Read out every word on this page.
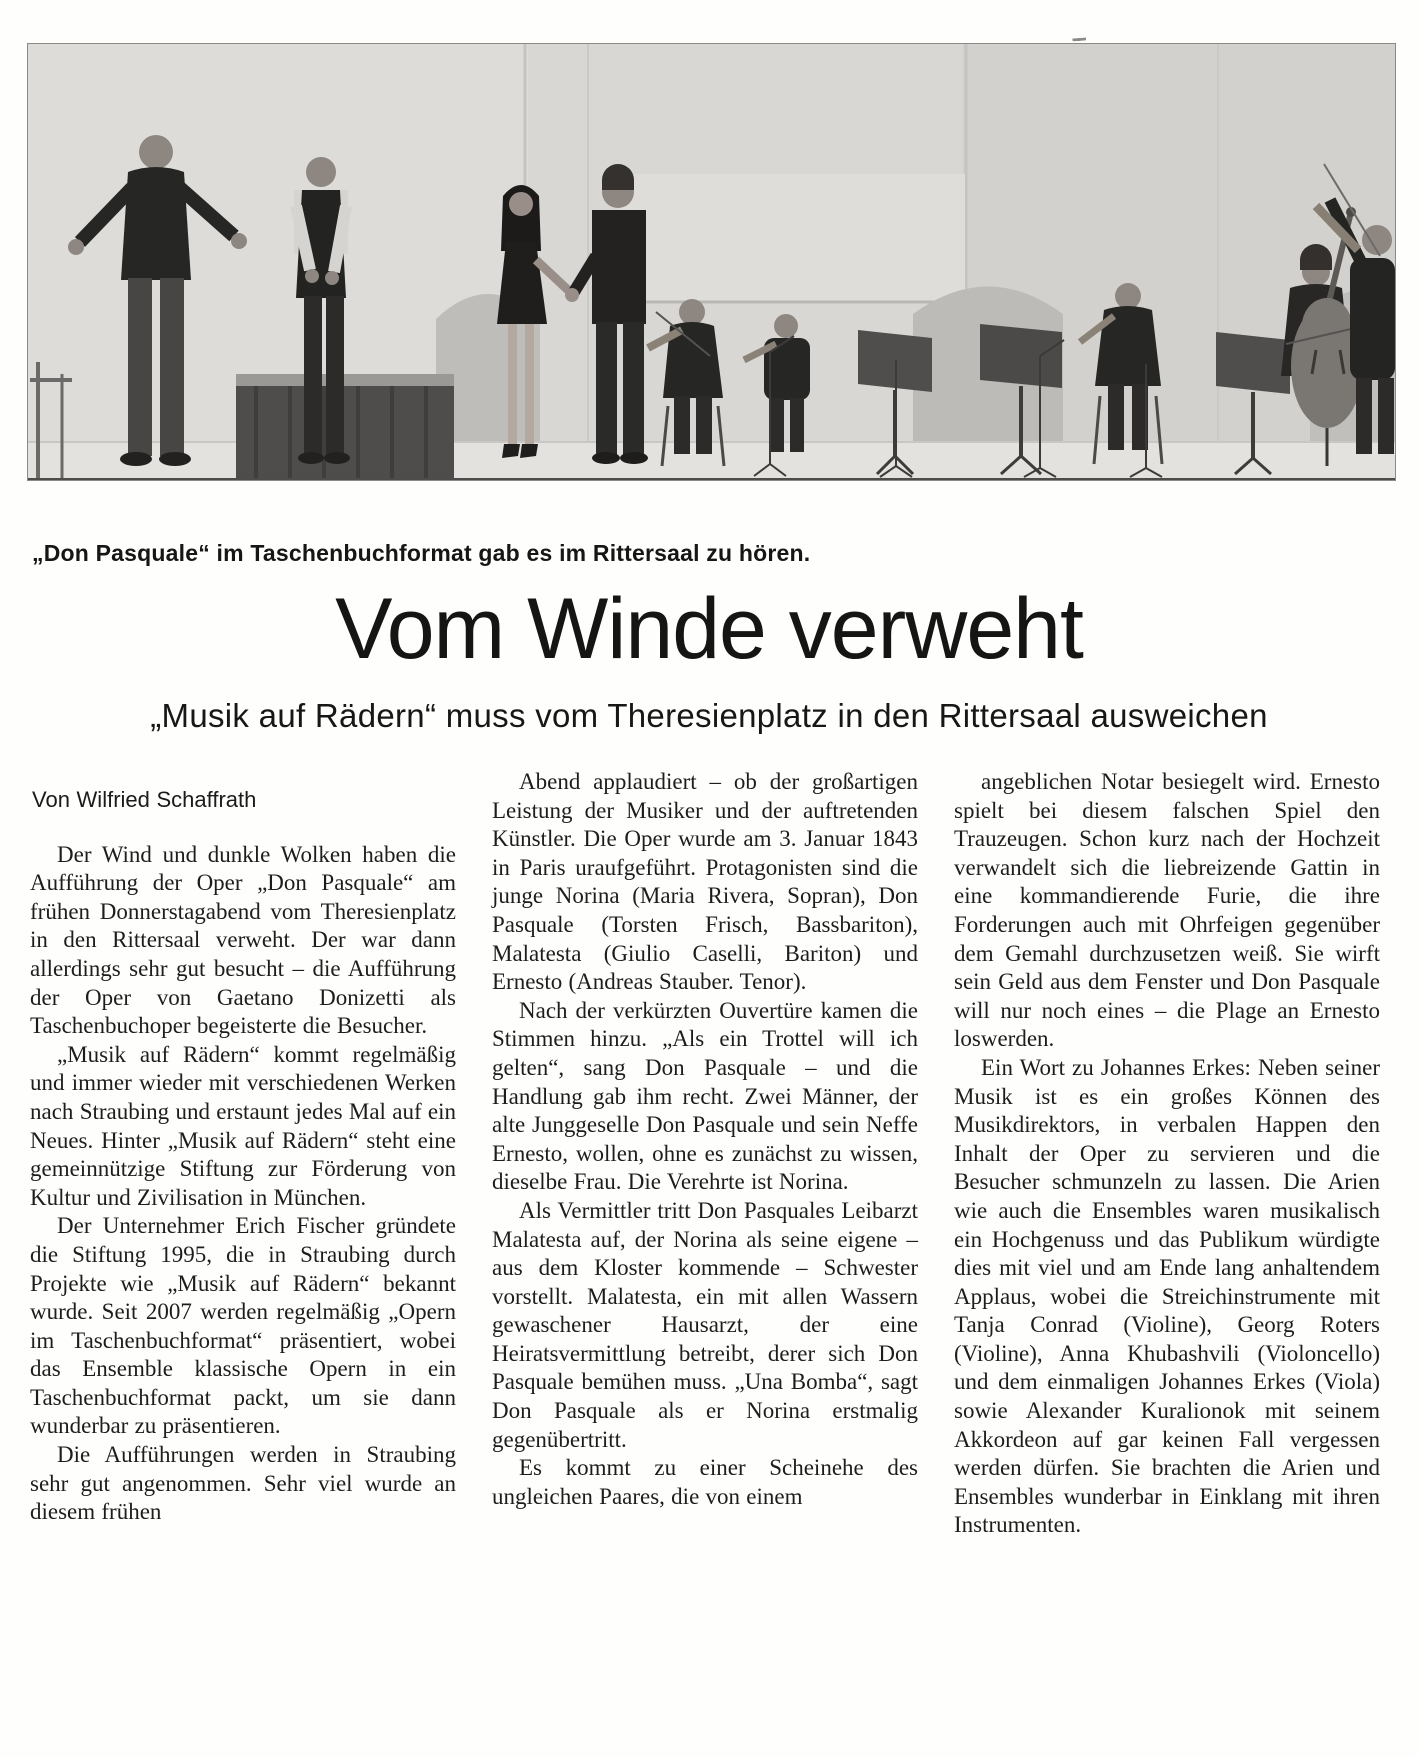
„Don Pasquale“ im Taschenbuchformat gab es im Rittersaal zu hören.
Vom Winde verweht
„Musik auf Rädern“ muss vom Theresienplatz in den Rittersaal ausweichen
Von Wilfried Schaffrath

Der Wind und dunkle Wolken haben die Aufführung der Oper „Don Pasquale“ am frühen Donnerstagabend vom Theresienplatz in den Rittersaal verweht. Der war dann allerdings sehr gut besucht – die Aufführung der Oper von Gaetano Donizetti als Taschenbuchoper begeisterte die Besucher.

„Musik auf Rädern“ kommt regelmäßig und immer wieder mit verschiedenen Werken nach Straubing und erstaunt jedes Mal auf ein Neues. Hinter „Musik auf Rädern“ steht eine gemeinnützige Stiftung zur Förderung von Kultur und Zivilisation in München.

Der Unternehmer Erich Fischer gründete die Stiftung 1995, die in Straubing durch Projekte wie „Musik auf Rädern“ bekannt wurde. Seit 2007 werden regelmäßig „Opern im Taschenbuchformat“ präsentiert, wobei das Ensemble klassische Opern in ein Taschenbuchformat packt, um sie dann wunderbar zu präsentieren.

Die Aufführungen werden in Straubing sehr gut angenommen. Sehr viel wurde an diesem frühen

Abend applaudiert – ob der großartigen Leistung der Musiker und der auftretenden Künstler. Die Oper wurde am 3. Januar 1843 in Paris uraufgeführt. Protagonisten sind die junge Norina (Maria Rivera, Sopran), Don Pasquale (Torsten Frisch, Bassbariton), Malatesta (Giulio Caselli, Bariton) und Ernesto (Andreas Stauber. Tenor).

Nach der verkürzten Ouvertüre kamen die Stimmen hinzu. „Als ein Trottel will ich gelten“, sang Don Pasquale – und die Handlung gab ihm recht. Zwei Männer, der alte Junggeselle Don Pasquale und sein Neffe Ernesto, wollen, ohne es zunächst zu wissen, dieselbe Frau. Die Verehrte ist Norina.

Als Vermittler tritt Don Pasquales Leibarzt Malatesta auf, der Norina als seine eigene – aus dem Kloster kommende – Schwester vorstellt. Malatesta, ein mit allen Wassern gewaschener Hausarzt, der eine Heiratsvermittlung betreibt, derer sich Don Pasquale bemühen muss. „Una Bomba“, sagt Don Pasquale als er Norina erstmalig gegenübertritt.

Es kommt zu einer Scheinehe des ungleichen Paares, die von einem

angeblichen Notar besiegelt wird. Ernesto spielt bei diesem falschen Spiel den Trauzeugen. Schon kurz nach der Hochzeit verwandelt sich die liebreizende Gattin in eine kommandierende Furie, die ihre Forderungen auch mit Ohrfeigen gegenüber dem Gemahl durchzusetzen weiß. Sie wirft sein Geld aus dem Fenster und Don Pasquale will nur noch eines – die Plage an Ernesto loswerden.

Ein Wort zu Johannes Erkes: Neben seiner Musik ist es ein großes Können des Musikdirektors, in verbalen Happen den Inhalt der Oper zu servieren und die Besucher schmunzeln zu lassen. Die Arien wie auch die Ensembles waren musikalisch ein Hochgenuss und das Publikum würdigte dies mit viel und am Ende lang anhaltendem Applaus, wobei die Streichinstrumente mit Tanja Conrad (Violine), Georg Roters (Violine), Anna Khubashvili (Violoncello) und dem einmaligen Johannes Erkes (Viola) sowie Alexander Kuralionok mit seinem Akkordeon auf gar keinen Fall vergessen werden dürfen. Sie brachten die Arien und Ensembles wunderbar in Einklang mit ihren Instrumenten.
